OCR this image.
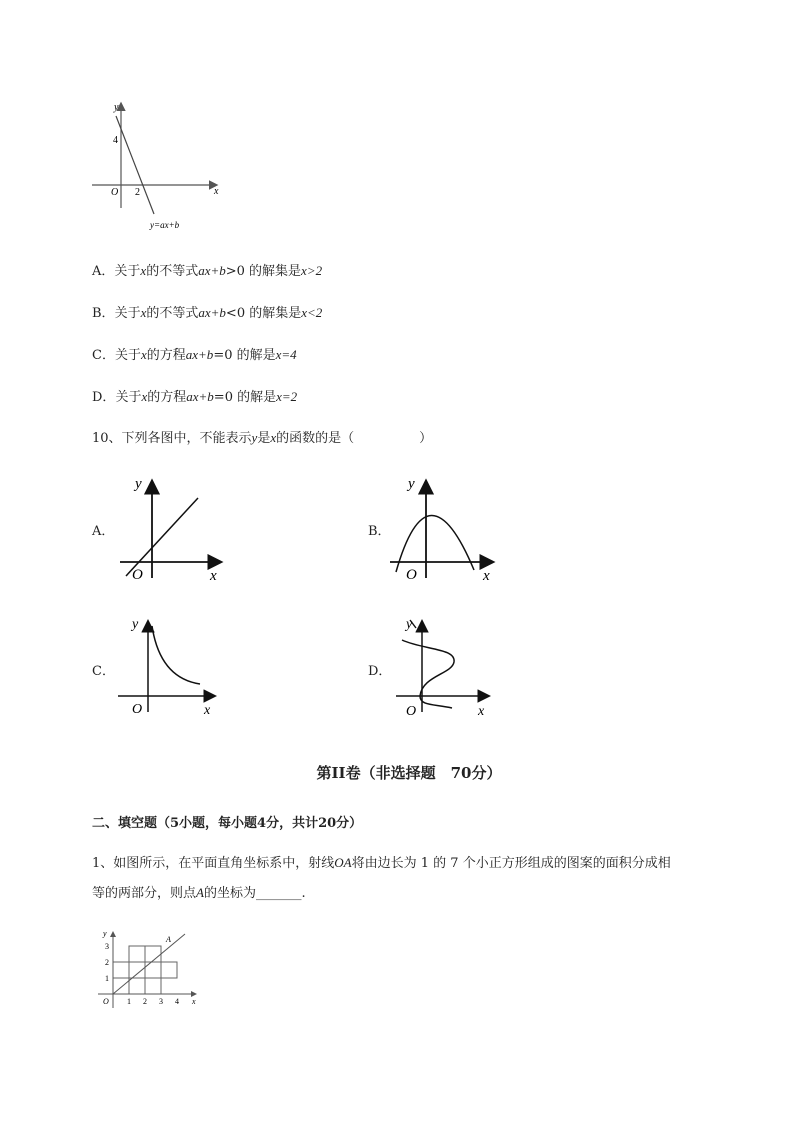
y
x
O
4
2
y=ax+b
A．关于x的不等式ax+b>0 的解集是x>2
B．关于x的不等式ax+b<0 的解集是x<2
C．关于x的方程ax+b=0 的解是x=4
D．关于x的方程ax+b=0 的解是x=2
10、下列各图中，不能表示y是x的函数的是（　　　　　）
A．
y
x
O
B．
y
x
O
C．
y
x
O
D．
y
x
O
第II卷（非选择题　70分）
二、填空题（5小题，每小题4分，共计20分）
1、如图所示，在平面直角坐标系中，射线OA将由边长为 1 的 7 个小正方形组成的图案的面积分成相
等的两部分，则点A的坐标为_______.
y
x
O
A
1 2 3 4
1
2
3
